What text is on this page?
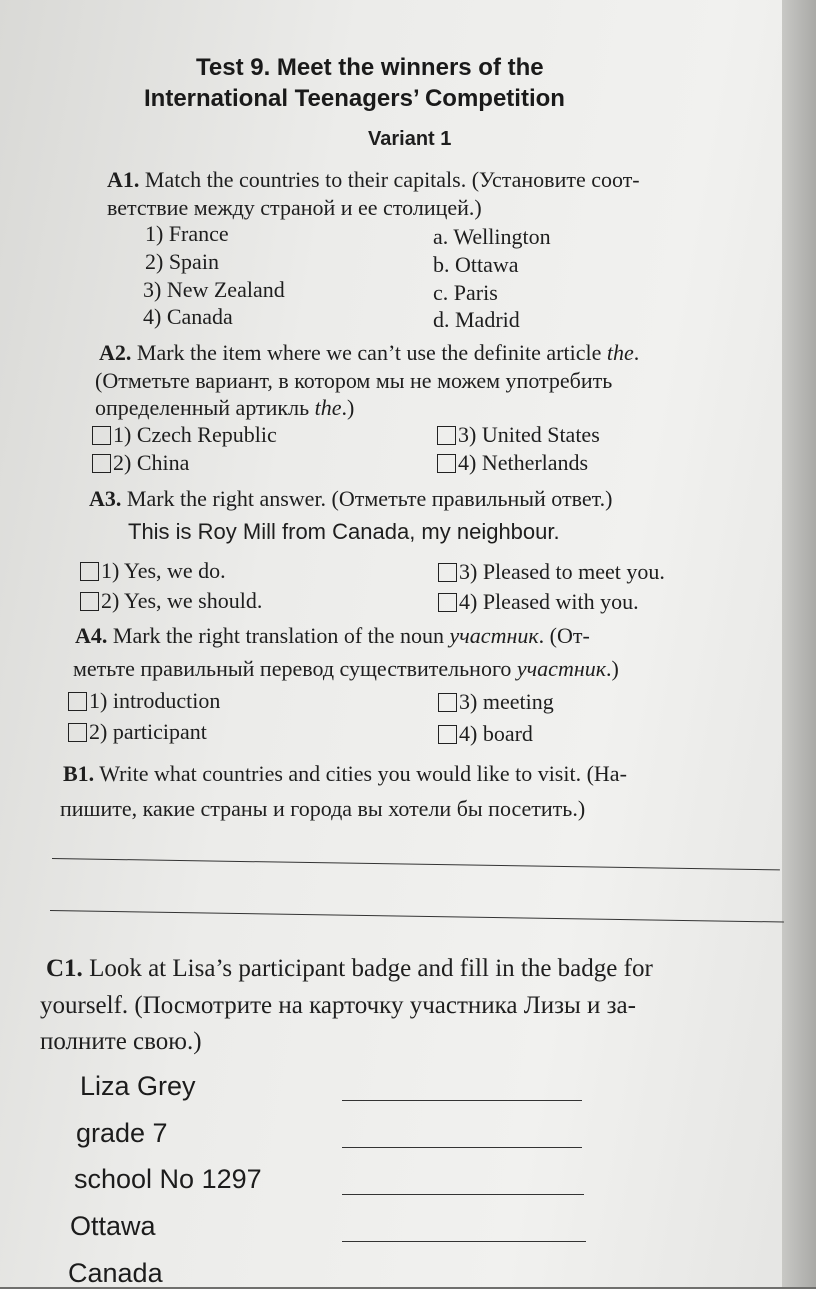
Test 9. Meet the winners of the
International Teenagers’ Competition
Variant 1
A1. Match the countries to their capitals. (Установите соот-
ветствие между страной и ее столицей.)
1) France
2) Spain
3) New Zealand
4) Canada
a. Wellington
b. Ottawa
c. Paris
d. Madrid
A2. Mark the item where we can’t use the definite article the.
(Отметьте вариант, в котором мы не можем употребить
определенный артикль the.)
1) Czech Republic
2) China
3) United States
4) Netherlands
A3. Mark the right answer. (Отметьте правильный ответ.)
This is Roy Mill from Canada, my neighbour.
1) Yes, we do.
2) Yes, we should.
3) Pleased to meet you.
4) Pleased with you.
A4. Mark the right translation of the noun участник. (От-
метьте правильный перевод существительного участник.)
1) introduction
2) participant
3) meeting
4) board
B1. Write what countries and cities you would like to visit. (На-
пишите, какие страны и города вы хотели бы посетить.)
C1. Look at Lisa’s participant badge and fill in the badge for
yourself. (Посмотрите на карточку участника Лизы и за-
полните свою.)
Liza Grey
grade 7
school No 1297
Ottawa
Canada
